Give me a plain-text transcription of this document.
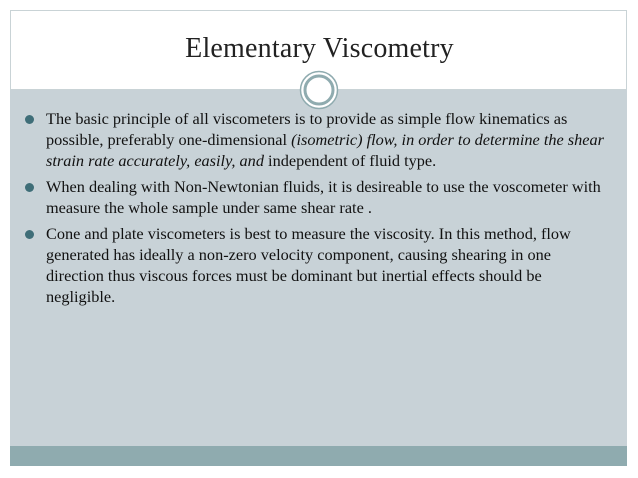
Elementary Viscometry
The basic principle of all viscometers is to provide as simple flow kinematics as possible, preferably one-dimensional (isometric) flow, in order to determine the shear strain rate accurately, easily, and independent of fluid type.
When dealing with Non-Newtonian fluids, it is desireable to use the voscometer with measure the whole sample under same shear rate .
Cone and plate viscometers is best to measure the viscosity. In this method, flow generated has ideally a non-zero velocity component, causing shearing in one direction thus viscous forces must be dominant but inertial effects should be negligible.
